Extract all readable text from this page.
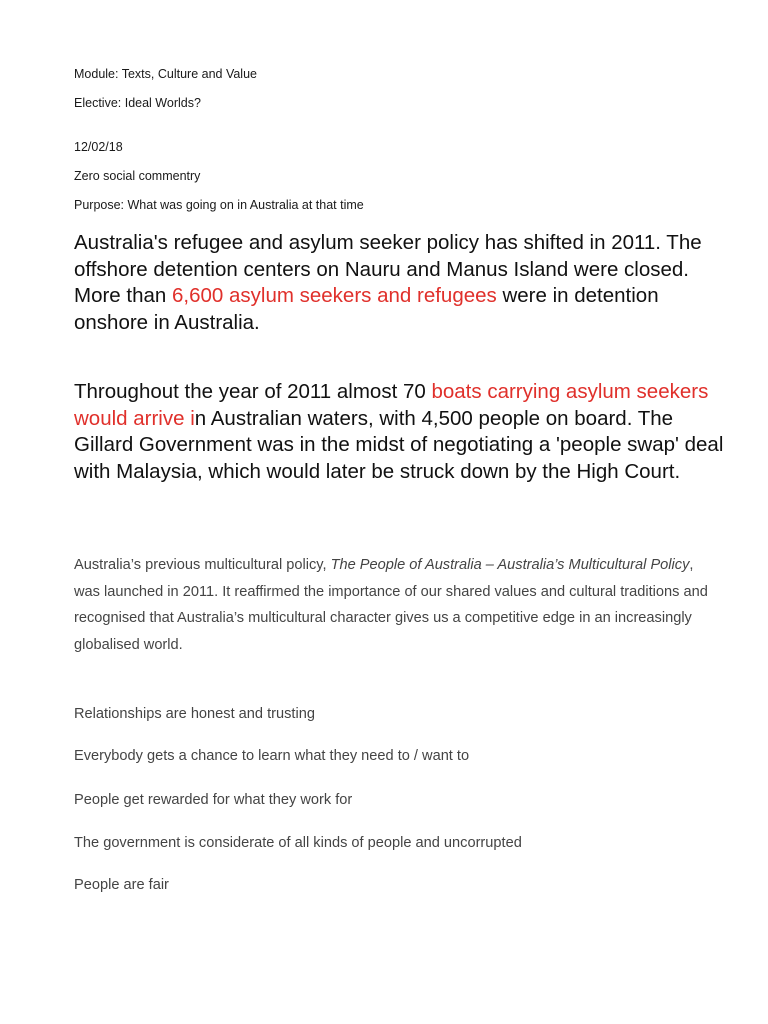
Module: Texts, Culture and Value
Elective: Ideal Worlds?
12/02/18
Zero social commentry
Purpose: What was going on in Australia at that time
Australia's refugee and asylum seeker policy has shifted in 2011. The offshore detention centers on Nauru and Manus Island were closed. More than 6,600 asylum seekers and refugees were in detention onshore in Australia.
Throughout the year of 2011 almost 70 boats carrying asylum seekers would arrive in Australian waters, with 4,500 people on board. The Gillard Government was in the midst of negotiating a 'people swap' deal with Malaysia, which would later be struck down by the High Court.
Australia’s previous multicultural policy, The People of Australia – Australia’s Multicultural Policy, was launched in 2011. It reaffirmed the importance of our shared values and cultural traditions and recognised that Australia’s multicultural character gives us a competitive edge in an increasingly globalised world.
Relationships are honest and trusting
Everybody gets a chance to learn what they need to / want to
People get rewarded for what they work for
The government is considerate of all kinds of people and uncorrupted
People are fair
